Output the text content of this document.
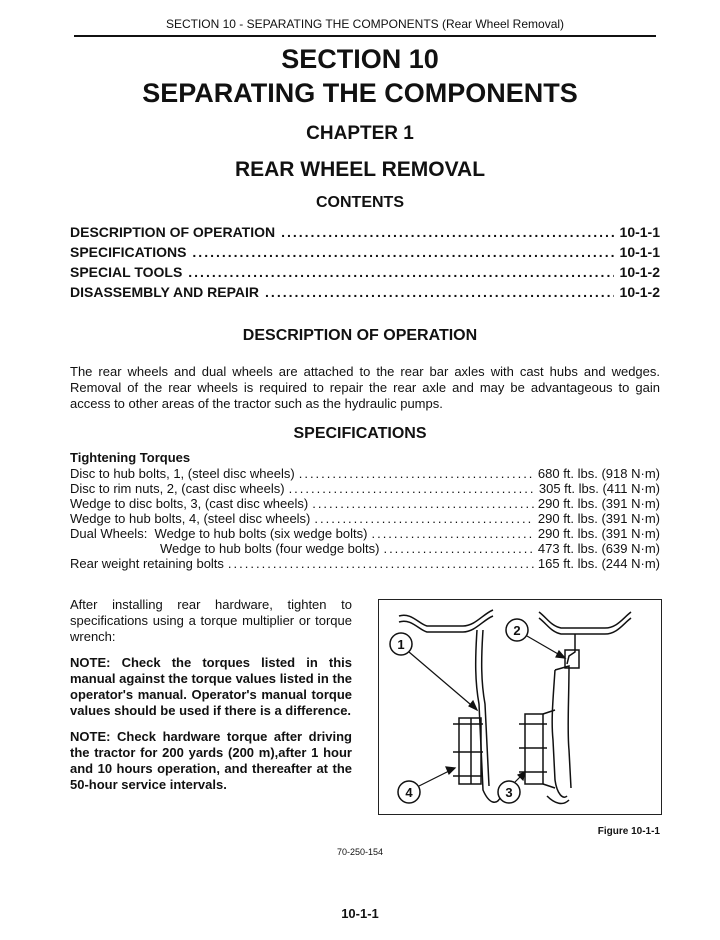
SECTION 10 - SEPARATING THE COMPONENTS (Rear Wheel Removal)
SECTION 10
SEPARATING THE COMPONENTS
CHAPTER 1
REAR WHEEL REMOVAL
CONTENTS
DESCRIPTION OF OPERATION .....	10-1-1
SPECIFICATIONS .....	10-1-1
SPECIAL TOOLS .....	10-1-2
DISASSEMBLY AND REPAIR .....	10-1-2
DESCRIPTION OF OPERATION
The rear wheels and dual wheels are attached to the rear bar axles with cast hubs and wedges. Removal of the rear wheels is required to repair the rear axle and may be advantageous to gain access to other areas of the tractor such as the hydraulic pumps.
SPECIFICATIONS
Tightening Torques
Disc to hub bolts, 1, (steel disc wheels) .....	680 ft. lbs. (918 N·m)
Disc to rim nuts, 2, (cast disc wheels) .....	305 ft. lbs. (411 N·m)
Wedge to disc bolts, 3, (cast disc wheels) .....	290 ft. lbs. (391 N·m)
Wedge to hub bolts, 4, (steel disc wheels) .....	290 ft. lbs. (391 N·m)
Dual Wheels:  Wedge to hub bolts (six wedge bolts) .....	290 ft. lbs. (391 N·m)
Wedge to hub bolts (four wedge bolts) .....	473 ft. lbs. (639 N·m)
Rear weight retaining bolts .....	165 ft. lbs. (244 N·m)

After installing rear hardware, tighten to specifications using a torque multiplier or torque wrench:

NOTE: Check the torques listed in this manual against the torque values listed in the operator's manual. Operator's manual torque values should be used if there is a difference.

NOTE: Check hardware torque after driving the tractor for 200 yards (200 m),after 1 hour and 10 hours operation, and thereafter at the 50-hour service intervals.

1
2
3
4
Figure 10-1-1
70-250-154
10-1-1
